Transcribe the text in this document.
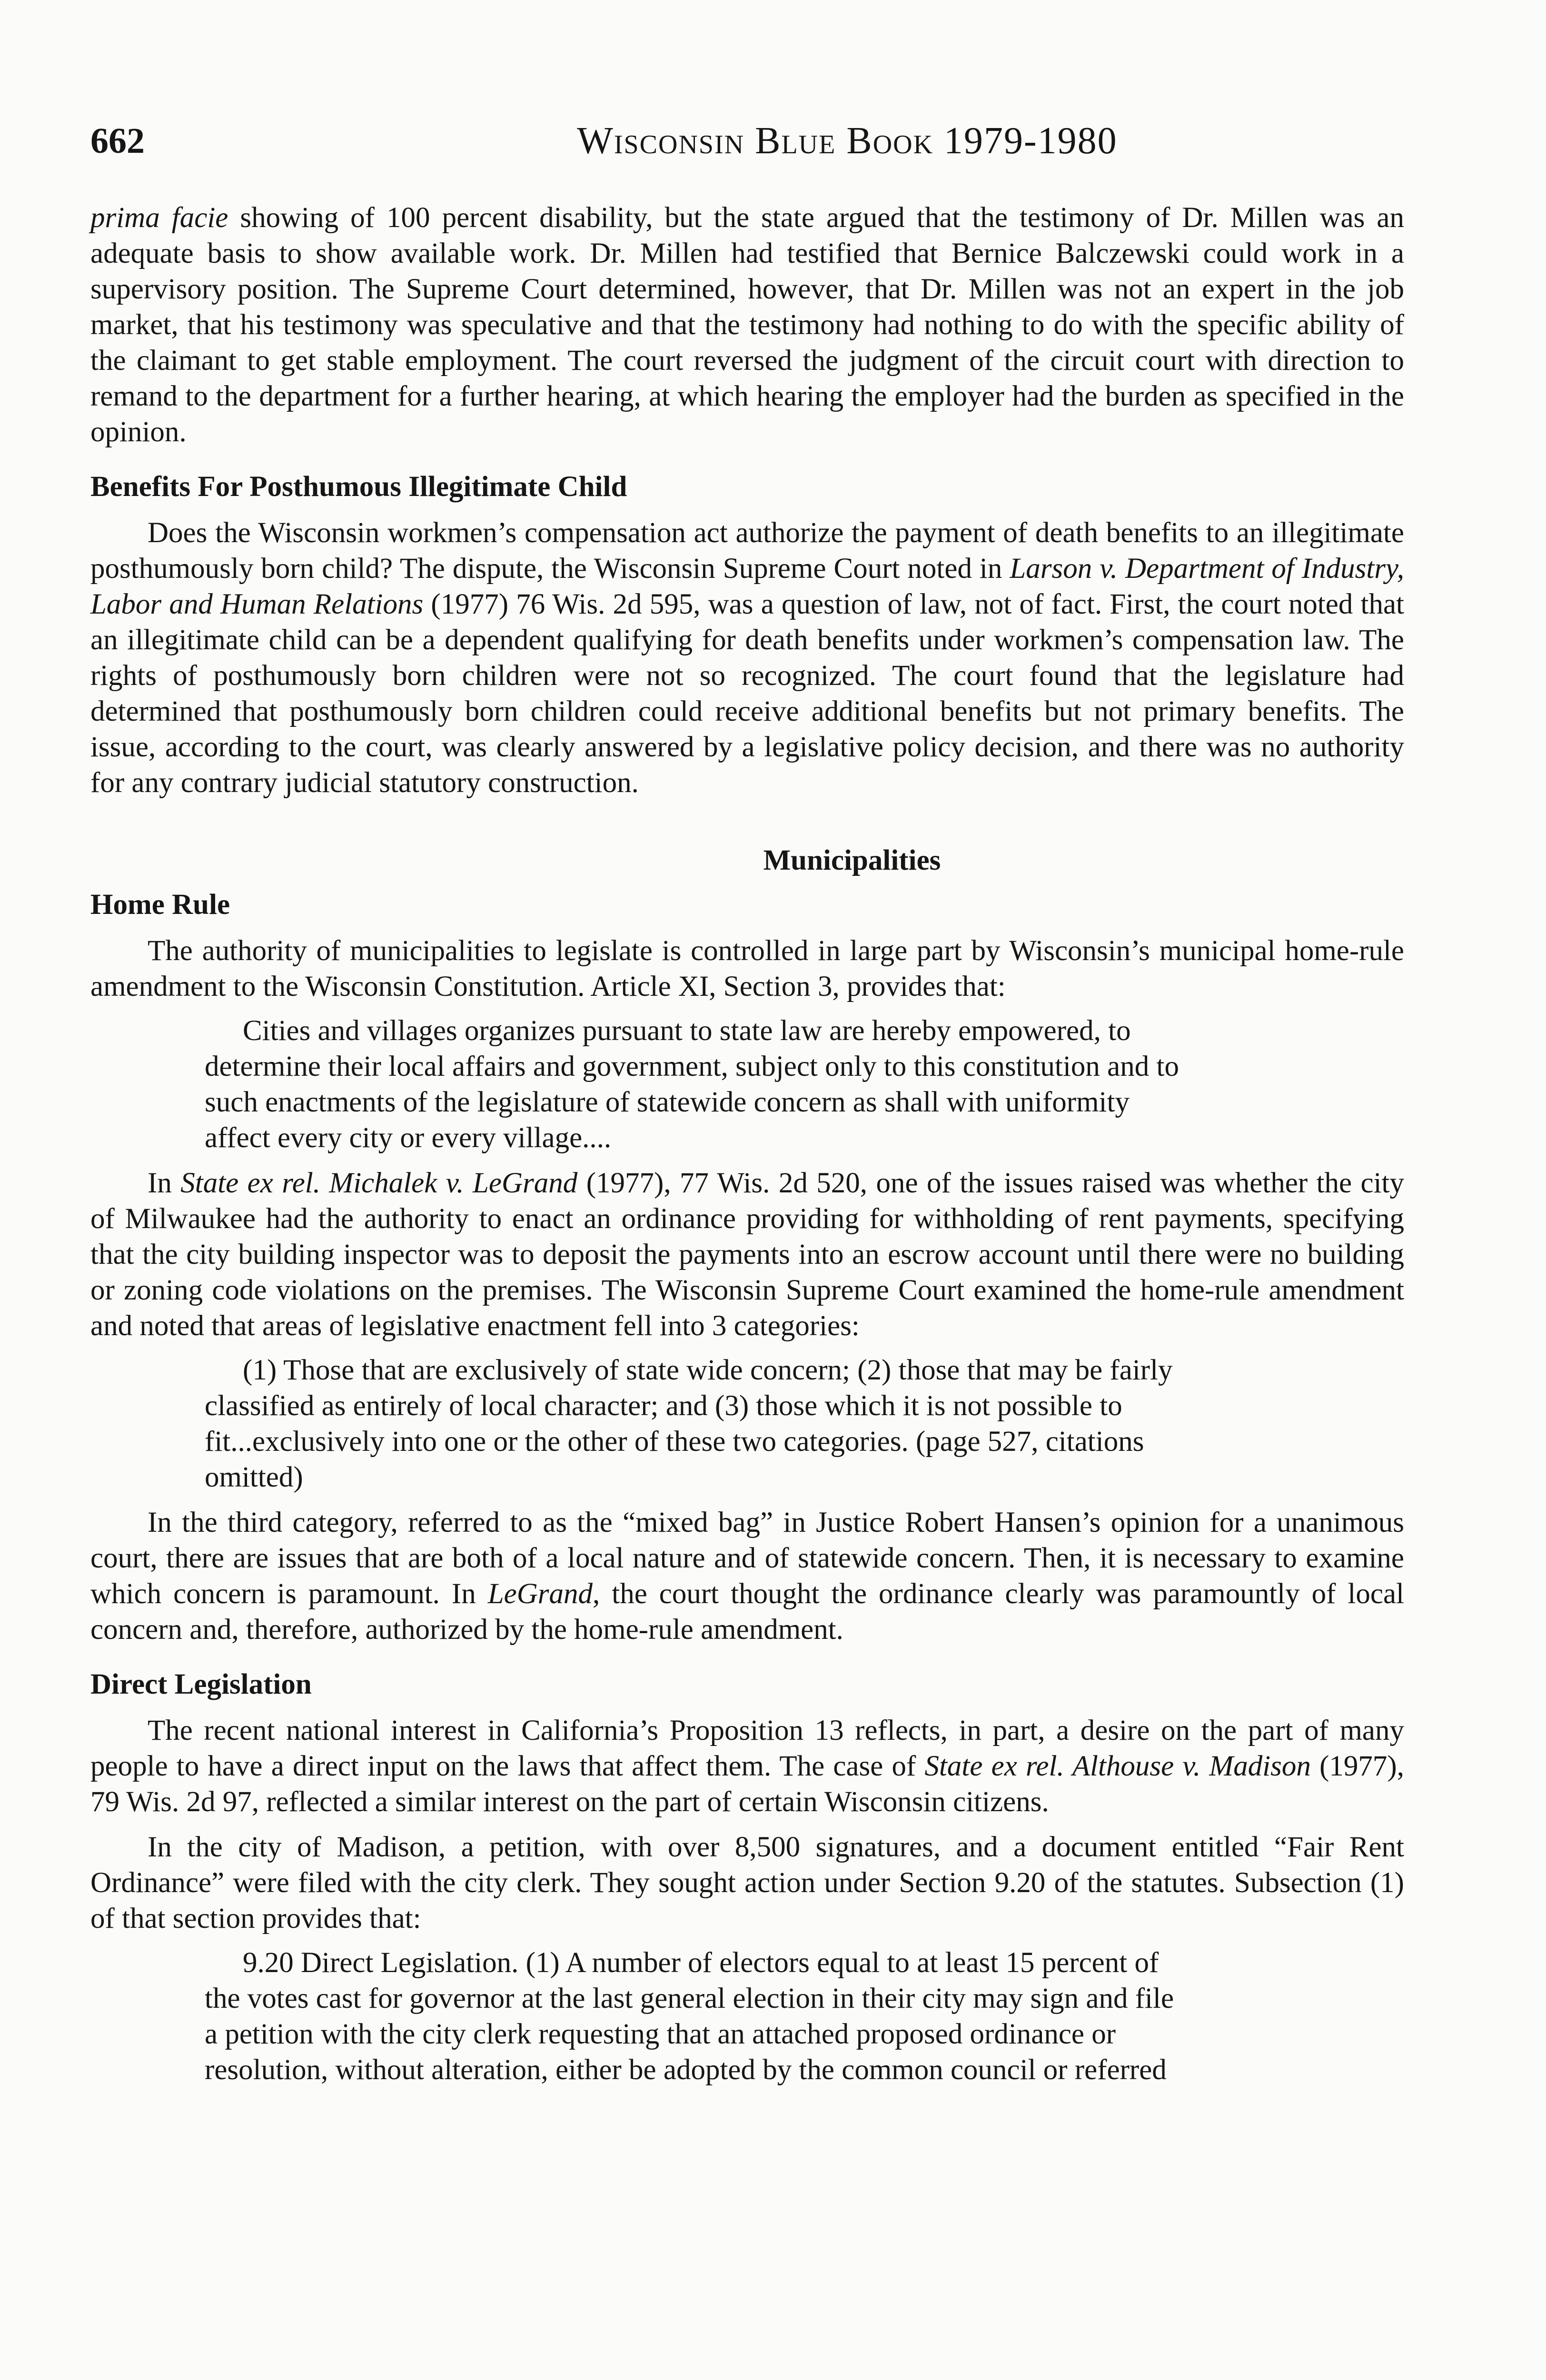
662	Wisconsin Blue Book 1979-1980

prima facie showing of 100 percent disability, but the state argued that the testimony of Dr. Millen was an adequate basis to show available work. Dr. Millen had testified that Bernice Balczewski could work in a supervisory position. The Supreme Court determined, however, that Dr. Millen was not an expert in the job market, that his testimony was speculative and that the testimony had nothing to do with the specific ability of the claimant to get stable employment. The court reversed the judgment of the circuit court with direction to remand to the department for a further hearing, at which hearing the employer had the burden as specified in the opinion.

Benefits For Posthumous Illegitimate Child

Does the Wisconsin workmen’s compensation act authorize the payment of death benefits to an illegitimate posthumously born child? The dispute, the Wisconsin Supreme Court noted in Larson v. Department of Industry, Labor and Human Relations (1977) 76 Wis. 2d 595, was a question of law, not of fact. First, the court noted that an illegitimate child can be a dependent qualifying for death benefits under workmen’s compensation law. The rights of posthumously born children were not so recognized. The court found that the legislature had determined that posthumously born children could receive additional benefits but not primary benefits. The issue, according to the court, was clearly answered by a legislative policy decision, and there was no authority for any contrary judicial statutory construction.

Municipalities
Home Rule

The authority of municipalities to legislate is controlled in large part by Wisconsin’s municipal home-rule amendment to the Wisconsin Constitution. Article XI, Section 3, provides that:

Cities and villages organizes pursuant to state law are hereby empowered, to determine their local affairs and government, subject only to this constitution and to such enactments of the legislature of statewide concern as shall with uniformity affect every city or every village....

In State ex rel. Michalek v. LeGrand (1977), 77 Wis. 2d 520, one of the issues raised was whether the city of Milwaukee had the authority to enact an ordinance providing for withholding of rent payments, specifying that the city building inspector was to deposit the payments into an escrow account until there were no building or zoning code violations on the premises. The Wisconsin Supreme Court examined the home-rule amendment and noted that areas of legislative enactment fell into 3 categories:

(1) Those that are exclusively of state wide concern; (2) those that may be fairly classified as entirely of local character; and (3) those which it is not possible to fit...exclusively into one or the other of these two categories. (page 527, citations omitted)

In the third category, referred to as the “mixed bag” in Justice Robert Hansen’s opinion for a unanimous court, there are issues that are both of a local nature and of statewide concern. Then, it is necessary to examine which concern is paramount. In LeGrand, the court thought the ordinance clearly was paramountly of local concern and, therefore, authorized by the home-rule amendment.

Direct Legislation

The recent national interest in California’s Proposition 13 reflects, in part, a desire on the part of many people to have a direct input on the laws that affect them. The case of State ex rel. Althouse v. Madison (1977), 79 Wis. 2d 97, reflected a similar interest on the part of certain Wisconsin citizens.

In the city of Madison, a petition, with over 8,500 signatures, and a document entitled “Fair Rent Ordinance” were filed with the city clerk. They sought action under Section 9.20 of the statutes. Subsection (1) of that section provides that:

9.20 Direct Legislation. (1) A number of electors equal to at least 15 percent of the votes cast for governor at the last general election in their city may sign and file a petition with the city clerk requesting that an attached proposed ordinance or resolution, without alteration, either be adopted by the common council or referred
